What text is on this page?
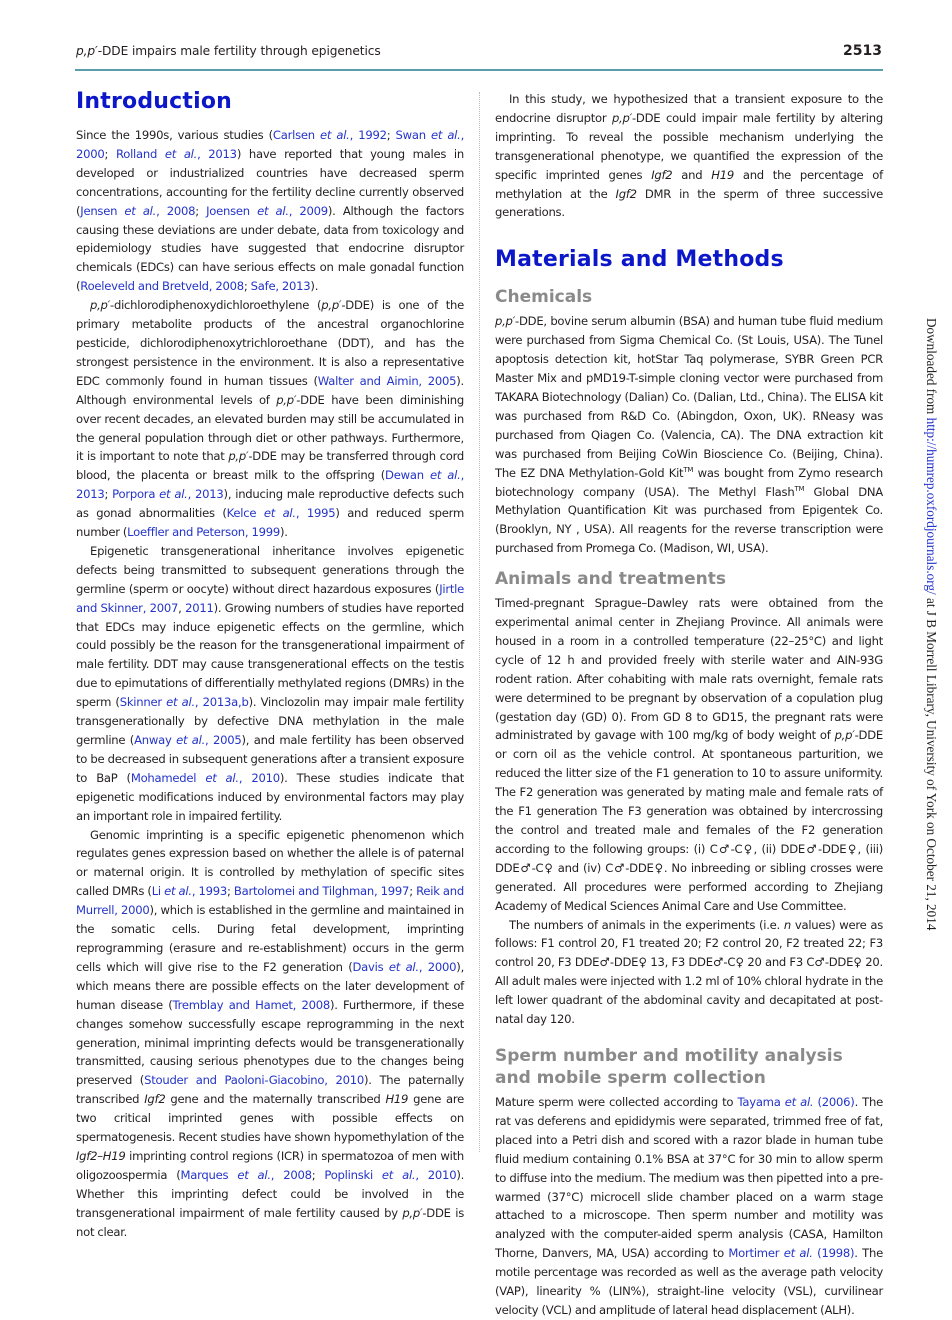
p,p′-DDE impairs male fertility through epigenetics	2513
Introduction

Since the 1990s, various studies (Carlsen et al., 1992; Swan et al., 2000; Rolland et al., 2013) have reported that young males in developed or industrialized countries have decreased sperm concentrations, accounting for the fertility decline currently observed (Jensen et al., 2008; Joensen et al., 2009). Although the factors causing these deviations are under debate, data from toxicology and epidemiology studies have suggested that endocrine disruptor chemicals (EDCs) can have serious effects on male gonadal function (Roeleveld and Bretveld, 2008; Safe, 2013).

p,p′-dichlorodiphenoxydichloroethylene (p,p′-DDE) is one of the primary metabolite products of the ancestral organochlorine pesticide, dichlorodiphenoxytrichloroethane (DDT), and has the strongest persistence in the environment. It is also a representative EDC commonly found in human tissues (Walter and Aimin, 2005). Although environmental levels of p,p′-DDE have been diminishing over recent decades, an elevated burden may still be accumulated in the general population through diet or other pathways. Furthermore, it is important to note that p,p′-DDE may be transferred through cord blood, the placenta or breast milk to the offspring (Dewan et al., 2013; Porpora et al., 2013), inducing male reproductive defects such as gonad abnormalities (Kelce et al., 1995) and reduced sperm number (Loeffler and Peterson, 1999).

Epigenetic transgenerational inheritance involves epigenetic defects being transmitted to subsequent generations through the germline (sperm or oocyte) without direct hazardous exposures (Jirtle and Skinner, 2007, 2011). Growing numbers of studies have reported that EDCs may induce epigenetic effects on the germline, which could possibly be the reason for the transgenerational impairment of male fertility. DDT may cause transgenerational effects on the testis due to epimutations of differentially methylated regions (DMRs) in the sperm (Skinner et al., 2013a,b). Vinclozolin may impair male fertility transgenerationally by defective DNA methylation in the male germline (Anway et al., 2005), and male fertility has been observed to be decreased in subsequent generations after a transient exposure to BaP (Mohamedel et al., 2010). These studies indicate that epigenetic modifications induced by environmental factors may play an important role in impaired fertility.

Genomic imprinting is a specific epigenetic phenomenon which regulates genes expression based on whether the allele is of paternal or maternal origin. It is controlled by methylation of specific sites called DMRs (Li et al., 1993; Bartolomei and Tilghman, 1997; Reik and Murrell, 2000), which is established in the germline and maintained in the somatic cells. During fetal development, imprinting reprogramming (erasure and re-establishment) occurs in the germ cells which will give rise to the F2 generation (Davis et al., 2000), which means there are possible effects on the later development of human disease (Tremblay and Hamet, 2008). Furthermore, if these changes somehow successfully escape reprogramming in the next generation, minimal imprinting defects would be transgenerationally transmitted, causing serious phenotypes due to the changes being preserved (Stouder and Paoloni-Giacobino, 2010). The paternally transcribed Igf2 gene and the maternally transcribed H19 gene are two critical imprinted genes with possible effects on spermatogenesis. Recent studies have shown hypomethylation of the Igf2–H19 imprinting control regions (ICR) in spermatozoa of men with oligozoospermia (Marques et al., 2008; Poplinski et al., 2010). Whether this imprinting defect could be involved in the transgenerational impairment of male fertility caused by p,p′-DDE is not clear.

In this study, we hypothesized that a transient exposure to the endocrine disruptor p,p′-DDE could impair male fertility by altering imprinting. To reveal the possible mechanism underlying the transgenerational phenotype, we quantified the expression of the specific imprinted genes Igf2 and H19 and the percentage of methylation at the Igf2 DMR in the sperm of three successive generations.

Materials and Methods
Chemicals

p,p′-DDE, bovine serum albumin (BSA) and human tube fluid medium were purchased from Sigma Chemical Co. (St Louis, USA). The Tunel apoptosis detection kit, hotStar Taq polymerase, SYBR Green PCR Master Mix and pMD19-T-simple cloning vector were purchased from TAKARA Biotechnology (Dalian) Co. (Dalian, Ltd., China). The ELISA kit was purchased from R&D Co. (Abingdon, Oxon, UK). RNeasy was purchased from Qiagen Co. (Valencia, CA). The DNA extraction kit was purchased from Beijing CoWin Bioscience Co. (Beijing, China). The EZ DNA Methylation-Gold Kit™ was bought from Zymo research biotechnology company (USA). The Methyl Flash™ Global DNA Methylation Quantification Kit was purchased from Epigentek Co. (Brooklyn, NY , USA). All reagents for the reverse transcription were purchased from Promega Co. (Madison, WI, USA).

Animals and treatments

Timed-pregnant Sprague–Dawley rats were obtained from the experimental animal center in Zhejiang Province. All animals were housed in a room in a controlled temperature (22–25°C) and light cycle of 12 h and provided freely with sterile water and AIN-93G rodent ration. After cohabiting with male rats overnight, female rats were determined to be pregnant by observation of a copulation plug (gestation day (GD) 0). From GD 8 to GD15, the pregnant rats were administrated by gavage with 100 mg/kg of body weight of p,p′-DDE or corn oil as the vehicle control. At spontaneous parturition, we reduced the litter size of the F1 generation to 10 to assure uniformity. The F2 generation was generated by mating male and female rats of the F1 generation The F3 generation was obtained by intercrossing the control and treated male and females of the F2 generation according to the following groups: (i) C♂-C♀, (ii) DDE♂-DDE♀, (iii) DDE♂-C♀ and (iv) C♂-DDE♀. No inbreeding or sibling crosses were generated. All procedures were performed according to Zhejiang Academy of Medical Sciences Animal Care and Use Committee.

The numbers of animals in the experiments (i.e. n values) were as follows: F1 control 20, F1 treated 20; F2 control 20, F2 treated 22; F3 control 20, F3 DDE♂-DDE♀ 13, F3 DDE♂-C♀ 20 and F3 C♂-DDE♀ 20. All adult males were injected with 1.2 ml of 10% chloral hydrate in the left lower quadrant of the abdominal cavity and decapitated at post-natal day 120.

Sperm number and motility analysis and mobile sperm collection

Mature sperm were collected according to Tayama et al. (2006). The rat vas deferens and epididymis were separated, trimmed free of fat, placed into a Petri dish and scored with a razor blade in human tube fluid medium containing 0.1% BSA at 37°C for 30 min to allow sperm to diffuse into the medium. The medium was then pipetted into a pre-warmed (37°C) microcell slide chamber placed on a warm stage attached to a microscope. Then sperm number and motility was analyzed with the computer-aided sperm analysis (CASA, Hamilton Thorne, Danvers, MA, USA) according to Mortimer et al. (1998). The motile percentage was recorded as well as the average path velocity (VAP), linearity % (LIN%), straight-line velocity (VSL), curvilinear velocity (VCL) and amplitude of lateral head displacement (ALH).

Downloaded from http://humrep.oxfordjournals.org/ at J B Morrell Library, University of York on October 21, 2014
